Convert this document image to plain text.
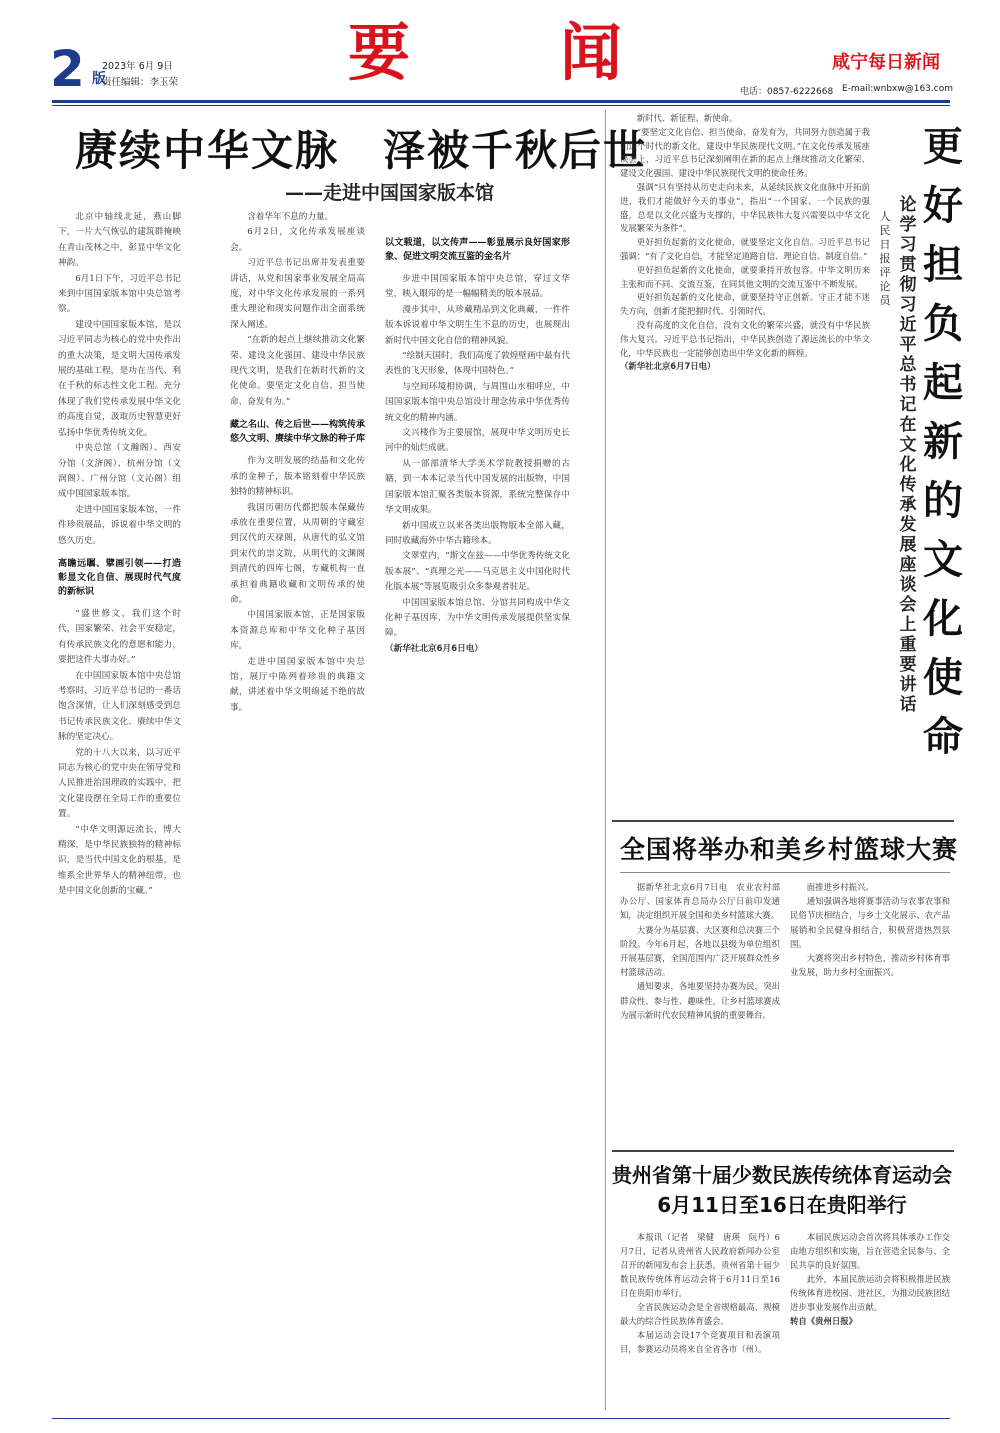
2 版
2023年 6月 9日
责任编辑：李玉荣	要闻	咸宁每日新闻
电话：0857-6222668 E-mail:wnbxw@163.com
赓续中华文脉　泽被千秋后世
——走进中国国家版本馆

北京中轴线北延，燕山脚下，一片大气恢弘的建筑群掩映在青山茂林之中，彰显中华文化神韵。

6月1日下午，习近平总书记来到中国国家版本馆中央总馆考察。

建设中国国家版本馆，是以习近平同志为核心的党中央作出的重大决策，是文明大国传承发展的基础工程，是功在当代、利在千秋的标志性文化工程。充分体现了我们党传承发展中华文化的高度自觉，汲取历史智慧更好弘扬中华优秀传统文化。

中央总馆（文瀚阁）、西安分馆（文济阁）、杭州分馆（文润阁）、广州分馆（文沁阁）组成中国国家版本馆。

走进中国国家版本馆，一件件珍贵展品，诉说着中华文明的悠久历史。

高瞻远瞩、擘画引领——打造彰显文化自信、展现时代气度的新标识

“盛世修文，我们这个时代，国家繁荣、社会平安稳定，有传承民族文化的意愿和能力，要把这件大事办好。”

在中国国家版本馆中央总馆考察时，习近平总书记的一番话饱含深情，让人们深刻感受到总书记传承民族文化、赓续中华文脉的坚定决心。

党的十八大以来，以习近平同志为核心的党中央在领导党和人民推进治国理政的实践中，把文化建设摆在全局工作的重要位置。

“中华文明源远流长，博大精深，是中华民族独特的精神标识，是当代中国文化的根基，是维系全世界华人的精神纽带，也是中国文化创新的宝藏。”

含着华年不息的力量。

6月2日，文化传承发展座谈会。

习近平总书记出席并发表重要讲话，从党和国家事业发展全局高度，对中华文化传承发展的一系列重大理论和现实问题作出全面系统深入阐述。

“在新的起点上继续推动文化繁荣、建设文化强国、建设中华民族现代文明，是我们在新时代新的文化使命。要坚定文化自信、担当使命、奋发有为。”

藏之名山、传之后世——构筑传承悠久文明、赓续中华文脉的种子库

作为文明发展的结晶和文化传承的金种子，版本铭刻着中华民族独特的精神标识。

我国历朝历代都把版本保藏传承放在重要位置，从周朝的守藏室到汉代的天禄阁，从唐代的弘文馆到宋代的崇文院，从明代的文渊阁到清代的四库七阁，专藏机构一直承担着典籍收藏和文明传承的使命。

中国国家版本馆，正是国家版本资源总库和中华文化种子基因库。

走进中国国家版本馆中央总馆，展厅中陈列着珍贵的典籍文献，讲述着中华文明绵延不绝的故事。

以文载道，以文传声——彰显展示良好国家形象、促进文明交流互鉴的金名片

步进中国国家版本馆中央总馆，穿过文华堂，映入眼帘的是一幅幅精美的版本展品。

漫步其中，从珍藏精品到文化典藏，一件件版本诉说着中华文明生生不息的历史，也展现出新时代中国文化自信的精神风貌。

“绘制天国时，我们高度了敦煌壁画中最有代表性的飞天形象，体现中国特色。”

与空间环境相协调，与周围山水相呼应，中国国家版本馆中央总馆设计理念传承中华优秀传统文化的精神内涵。

文兴楼作为主要展馆，展现中华文明历史长河中的灿烂成就。

从一部部清华大学美术学院教授捐赠的古籍，到一本本记录当代中国发展的出版物，中国国家版本馆汇聚各类版本资源，系统完整保存中华文明成果。

新中国成立以来各类出版物版本全部入藏，同时收藏海外中华古籍珍本。

文翠堂内，“斯文在兹——中华优秀传统文化版本展”、“真理之光——马克思主义中国化时代化版本展”等展览吸引众多参观者驻足。

中国国家版本馆总馆、分馆共同构成中华文化种子基因库，为中华文明传承发展提供坚实保障。

（新华社北京6月6日电）

更好担负起新的文化使命
论学习贯彻习近平总书记在文化传承发展座谈会上重要讲话
人民日报评论员

新时代、新征程、新使命。

“要坚定文化自信、担当使命、奋发有为，共同努力创造属于我们这个时代的新文化，建设中华民族现代文明。”在文化传承发展座谈会上，习近平总书记深刻阐明在新的起点上继续推动文化繁荣、建设文化强国、建设中华民族现代文明的使命任务。

强调“只有坚持从历史走向未来，从延续民族文化血脉中开拓前进，我们才能做好今天的事业”，指出“一个国家、一个民族的强盛，总是以文化兴盛为支撑的，中华民族伟大复兴需要以中华文化发展繁荣为条件”。

更好担负起新的文化使命，就要坚定文化自信。习近平总书记强调：“有了文化自信，才能坚定道路自信、理论自信、制度自信。”

更好担负起新的文化使命，就要秉持开放包容。中华文明历来主张和而不同、交流互鉴，在同其他文明的交流互鉴中不断发展。

更好担负起新的文化使命，就要坚持守正创新。守正才能不迷失方向，创新才能把握时代、引领时代。

没有高度的文化自信，没有文化的繁荣兴盛，就没有中华民族伟大复兴。习近平总书记指出，中华民族创造了源远流长的中华文化，中华民族也一定能够创造出中华文化新的辉煌。

（新华社北京6月7日电）

全国将举办和美乡村篮球大赛

据新华社北京6月7日电　农业农村部办公厅、国家体育总局办公厅日前印发通知，决定组织开展全国和美乡村篮球大赛。

大赛分为基层赛、大区赛和总决赛三个阶段。今年6月起，各地以县级为单位组织开展基层赛，全国范围内广泛开展群众性乡村篮球活动。

通知要求，各地要坚持办赛为民，突出群众性、参与性、趣味性，让乡村篮球赛成为展示新时代农民精神风貌的重要舞台。

面推进乡村振兴。

通知强调各地将赛事活动与农事农事和民俗节庆相结合，与乡土文化展示、农产品展销和全民健身相结合，积极营造热烈氛围。

大赛将突出乡村特色，推动乡村体育事业发展，助力乡村全面振兴。

贵州省第十届少数民族传统体育运动会6月11日至16日在贵阳举行

本报讯（记者　梁健　唐瑛　阮丹）6月7日，记者从贵州省人民政府新闻办公室召开的新闻发布会上获悉，贵州省第十届少数民族传统体育运动会将于6月11日至16日在贵阳市举行。

全省民族运动会是全省规格最高、规模最大的综合性民族体育盛会。

本届运动会设17个竞赛项目和表演项目，参赛运动员将来自全省各市（州）。

本届民族运动会首次将具体承办工作交由地方组织和实施，旨在营造全民参与、全民共享的良好氛围。

此外，本届民族运动会将积极推进民族传统体育进校园、进社区，为推动民族团结进步事业发展作出贡献。

转自《贵州日报》
